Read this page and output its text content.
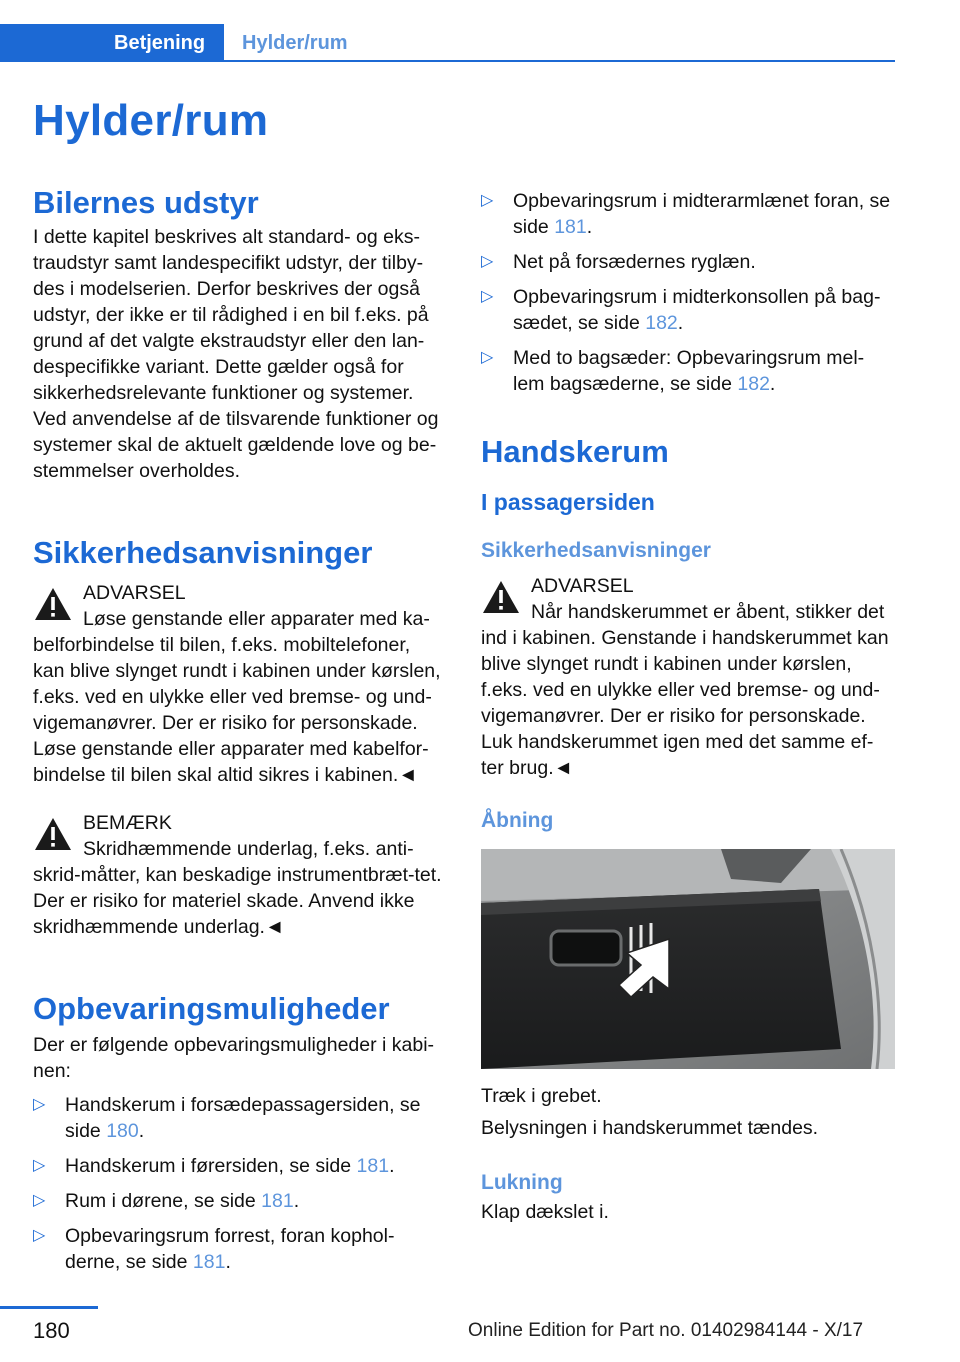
Betjening	Hylder/rum
Hylder/rum
Bilernes udstyr

I dette kapitel beskrives alt standard- og eks-traudstyr samt landespecifikt udstyr, der tilby-des i modelserien. Derfor beskrives der også udstyr, der ikke er til rådighed i en bil f.eks. på grund af det valgte ekstraudstyr eller den lan-despecifikke variant. Dette gælder også for sikkerhedsrelevante funktioner og systemer. Ved anvendelse af de tilsvarende funktioner og systemer skal de aktuelt gældende love og be-stemmelser overholdes.

Sikkerhedsanvisninger
ADVARSEL
Løse genstande eller apparater med ka-belforbindelse til bilen, f.eks. mobiltelefoner, kan blive slynget rundt i kabinen under kørslen, f.eks. ved en ulykke eller ved bremse- og und-vigemanøvrer. Der er risiko for personskade. Løse genstande eller apparater med kabelfor-bindelse til bilen skal altid sikres i kabinen.◄
BEMÆRK
Skridhæmmende underlag, f.eks. anti-skrid-måtter, kan beskadige instrumentbræt-tet. Der er risiko for materiel skade. Anvend ikke skridhæmmende underlag.◄
Opbevaringsmuligheder

Der er følgende opbevaringsmuligheder i kabi-nen:

▷ Handskerum i forsædepassagersiden, se side 180.
▷ Handskerum i førersiden, se side 181.
▷ Rum i dørene, se side 181.
▷ Opbevaringsrum forrest, foran kophol-derne, se side 181.
▷ Opbevaringsrum i midterarmlænet foran, se side 181.
▷ Net på forsædernes ryglæn.
▷ Opbevaringsrum i midterkonsollen på bag-sædet, se side 182.
▷ Med to bagsæder: Opbevaringsrum mel-lem bagsæderne, se side 182.
Handskerum
I passagersiden
Sikkerhedsanvisninger
ADVARSEL
Når handskerummet er åbent, stikker det ind i kabinen. Genstande i handskerummet kan blive slynget rundt i kabinen under kørslen, f.eks. ved en ulykke eller ved bremse- og und-vigemanøvrer. Der er risiko for personskade. Luk handskerummet igen med det samme ef-ter brug.◄
Åbning

Træk i grebet.

Belysningen i handskerummet tændes.

Lukning

Klap dækslet i.

180	Online Edition for Part no. 01402984144 - X/17
